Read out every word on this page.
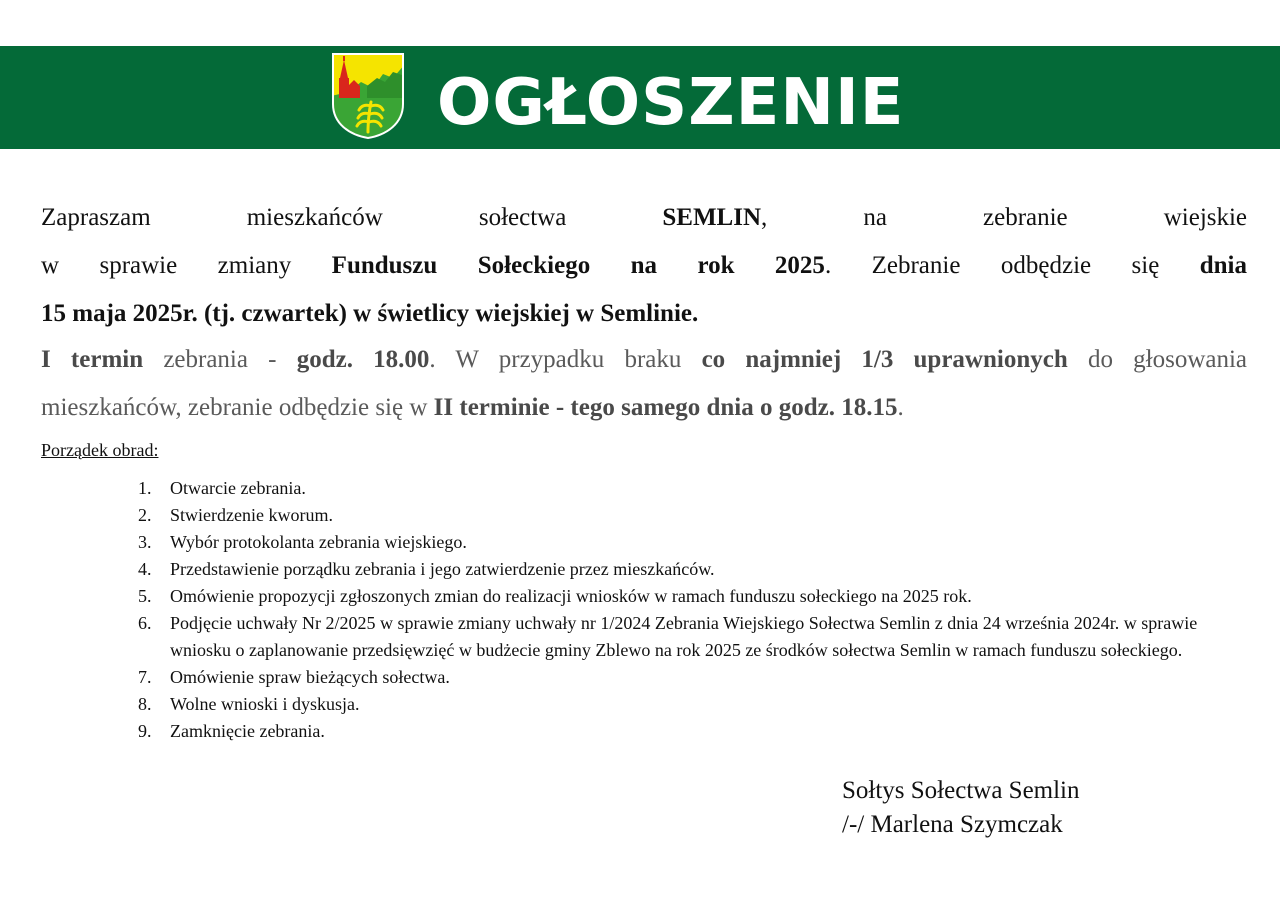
OGŁOSZENIE
Zapraszam	mieszkańców	sołectwa	SEMLIN,	na	zebranie	wiejskie
w sprawie zmiany Funduszu Sołeckiego na rok 2025. Zebranie odbędzie się dnia
15 maja 2025r. (tj. czwartek) w świetlicy wiejskiej w Semlinie.
I termin zebrania - godz. 18.00. W przypadku braku co najmniej 1/3 uprawnionych do głosowania
mieszkańców, zebranie odbędzie się w II terminie - tego samego dnia o godz. 18.15.
Porządek obrad:
1. Otwarcie zebrania.
2. Stwierdzenie kworum.
3. Wybór protokolanta zebrania wiejskiego.
4. Przedstawienie porządku zebrania i jego zatwierdzenie przez mieszkańców.
5. Omówienie propozycji zgłoszonych zmian do realizacji wniosków w ramach funduszu sołeckiego na 2025 rok.
6. Podjęcie uchwały Nr 2/2025 w sprawie zmiany uchwały nr 1/2024 Zebrania Wiejskiego Sołectwa Semlin z dnia 24 września 2024r. w sprawie wniosku o zaplanowanie przedsięwzięć w budżecie gminy Zblewo na rok 2025 ze środków sołectwa Semlin w ramach funduszu sołeckiego.
7. Omówienie spraw bieżących sołectwa.
8. Wolne wnioski i dyskusja.
9. Zamknięcie zebrania.
Sołtys Sołectwa Semlin
/-/ Marlena Szymczak
